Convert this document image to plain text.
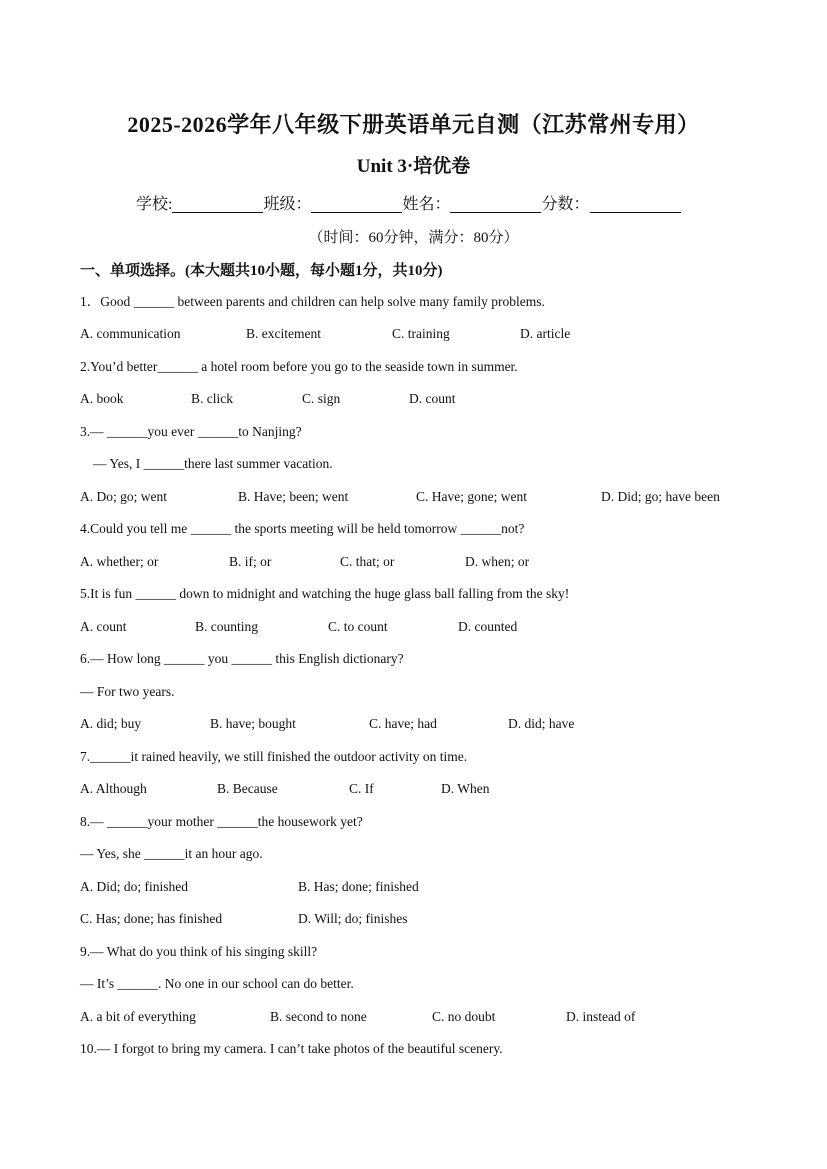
2025-2026学年八年级下册英语单元自测（江苏常州专用）
Unit 3·培优卷
学校:	班级：	姓名：	分数：
（时间：60分钟，满分：80分）
一、单项选择。(本大题共10小题，每小题1分，共10分)
1．Good ______ between parents and children can help solve many family problems.
A. communication	B. excitement	C. training	D. article
2.You’d better______ a hotel room before you go to the seaside town in summer.
A. book	B. click	C. sign	D. count
3.— ______you ever ______to Nanjing?
— Yes, I ______there last summer vacation.
A. Do; go; went	B. Have; been; went	C. Have; gone; went	D. Did; go; have been
4.Could you tell me ______ the sports meeting will be held tomorrow ______not?
A. whether; or	B. if; or	C. that; or	D. when; or
5.It is fun ______ down to midnight and watching the huge glass ball falling from the sky!
A. count	B. counting	C. to count	D. counted
6.— How long ______ you ______ this English dictionary?
— For two years.
A. did; buy	B. have; bought	C. have; had	D. did; have
7.______it rained heavily, we still finished the outdoor activity on time.
A. Although	B. Because	C. If	D. When
8.— ______your mother ______the housework yet?
— Yes, she ______it an hour ago.
A. Did; do; finished	B. Has; done; finished
C. Has; done; has finished	D. Will; do; finishes
9.— What do you think of his singing skill?
— It’s ______. No one in our school can do better.
A. a bit of everything	B. second to none	C. no doubt	D. instead of
10.— I forgot to bring my camera. I can’t take photos of the beautiful scenery.
